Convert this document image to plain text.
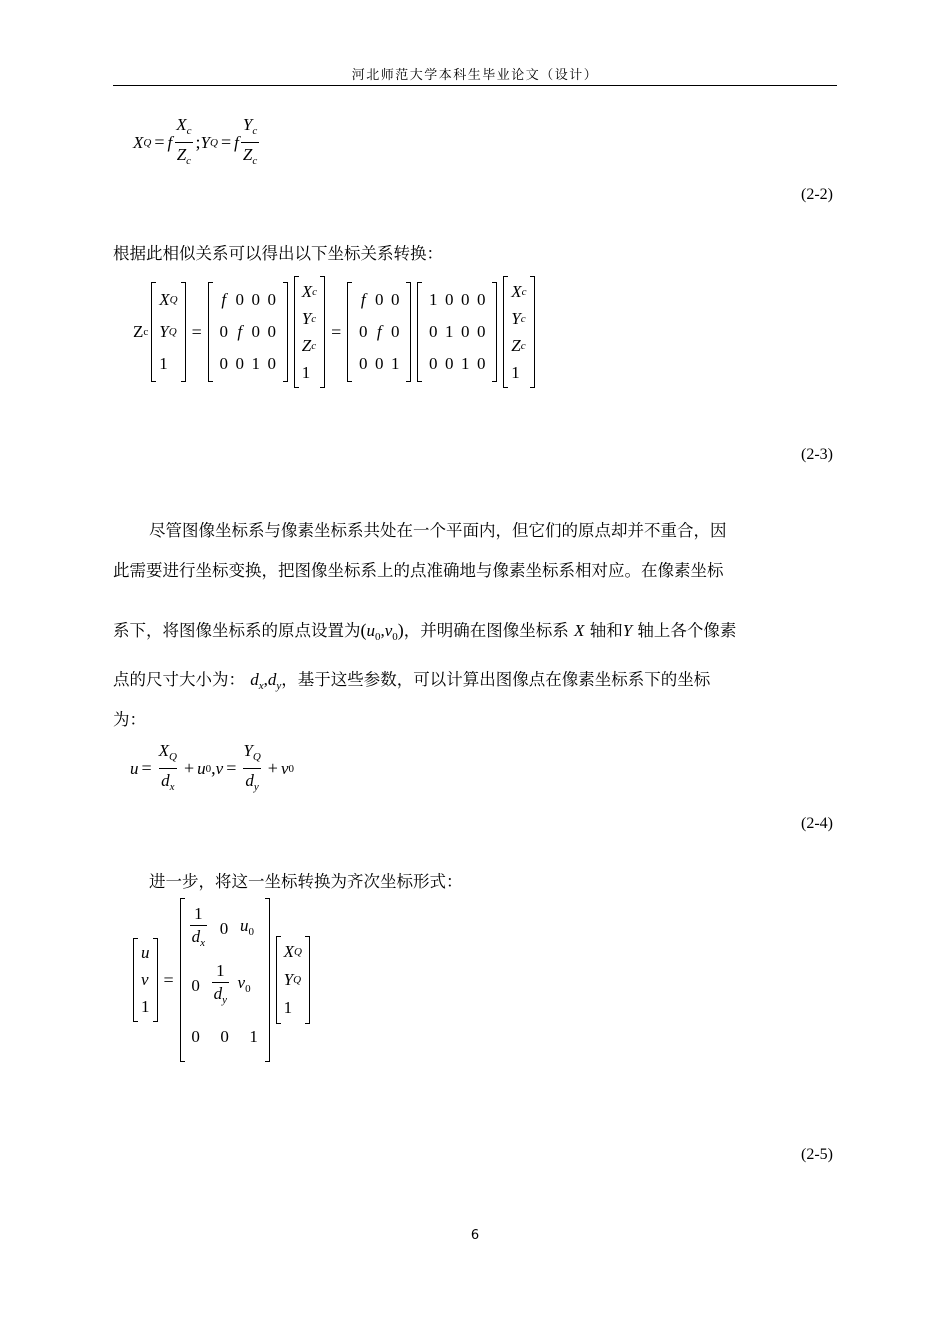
河北师范大学本科生毕业论文（设计）
X Q = f $\frac{X_c}{Z_c}$ ; Y Q = f $\frac{Y_c}{Z_c}$
(2-2)
根据此相似关系可以得出以下坐标关系转换：
Z c
X Q
Y Q
1
=
f 0 0 0
0 f 0 0
0 0 1 0
X c
Y c
Z c
1
=
f 0 0
0 f 0
0 0 1
1 0 0 0
0 1 0 0
0 0 1 0
X c
Y c
Z c
1
(2-3)
尽管图像坐标系与像素坐标系共处在一个平面内，但它们的原点却并不重合，因
此需要进行坐标变换，把图像坐标系上的点准确地与像素坐标系相对应。在像素坐标
系下，将图像坐标系的原点设置为$(u_0,v_0)$，并明确在图像坐标系 X 轴和Y 轴上各个像素
点的尺寸大小为： $d_x,d_y$，基于这些参数，可以计算出图像点在像素坐标系下的坐标
为：
$u = \frac{X_Q}{d_x} + u$ 0 , $v = \frac{Y_Q}{d_y} + v$ 0
(2-4)
进一步，将这一坐标转换为齐次坐标形式：
u
v
1
=
$\frac{1}{d_x} 0$ $u_0$
$0 \frac{1}{d_y} v_0$
0 0 1
X Q
Y Q
1
(2-5)
6
